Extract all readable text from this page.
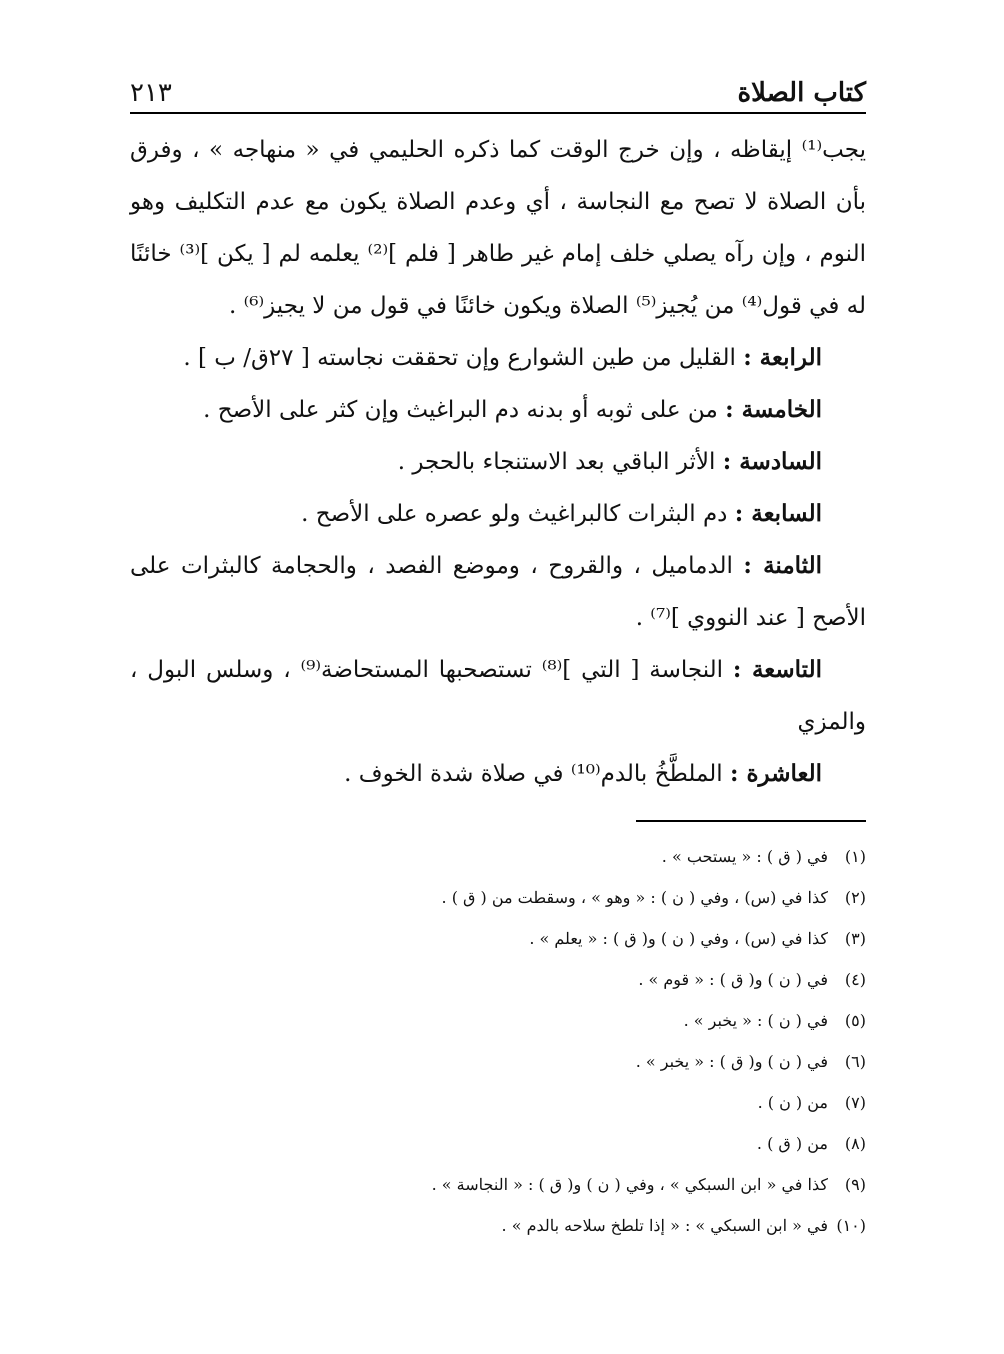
كتاب الصلاة
٢١٣

يجب⁽¹⁾ إيقاظه ، وإن خرج الوقت كما ذكره الحليمي في « منهاجه » ، وفرق بأن الصلاة لا تصح مع النجاسة ، أي وعدم الصلاة يكون مع عدم التكليف وهو النوم ، وإن رآه يصلي خلف إمام غير طاهر [ فلم ]⁽²⁾ يعلمه لم [ يكن ]⁽³⁾ خائنًا له في قول⁽⁴⁾ من يُجيز⁽⁵⁾ الصلاة ويكون خائنًا في قول من لا يجيز⁽⁶⁾ .

الرابعة : القليل من طين الشوارع وإن تحققت نجاسته [ ٢٧ق/ ب ] .

الخامسة : من على ثوبه أو بدنه دم البراغيث وإن كثر على الأصح .

السادسة : الأثر الباقي بعد الاستنجاء بالحجر .

السابعة : دم البثرات كالبراغيث ولو عصره على الأصح .

الثامنة : الدماميل ، والقروح ، وموضع الفصد ، والحجامة كالبثرات على الأصح [ عند النووي ]⁽⁷⁾ .

التاسعة : النجاسة [ التي ]⁽⁸⁾ تستصحبها المستحاضة⁽⁹⁾ ، وسلس البول ، والمزي

العاشرة : الملطَّخُ بالدم⁽¹⁰⁾ في صلاة شدة الخوف .

(١)في ( ق ) : « يستحب » .
(٢)كذا في (س) ، وفي ( ن ) : « وهو » ، وسقطت من ( ق ) .
(٣)كذا في (س) ، وفي ( ن ) و( ق ) : « يعلم » .
(٤)في ( ن ) و( ق ) : « قوم » .
(٥)في ( ن ) : « يخبر » .
(٦)في ( ن ) و( ق ) : « يخبر » .
(٧)من ( ن ) .
(٨)من ( ق ) .
(٩)كذا في « ابن السبكي » ، وفي ( ن ) و( ق ) : « النجاسة » .
(١٠)في « ابن السبكي » : « إذا تلطخ سلاحه بالدم » .
